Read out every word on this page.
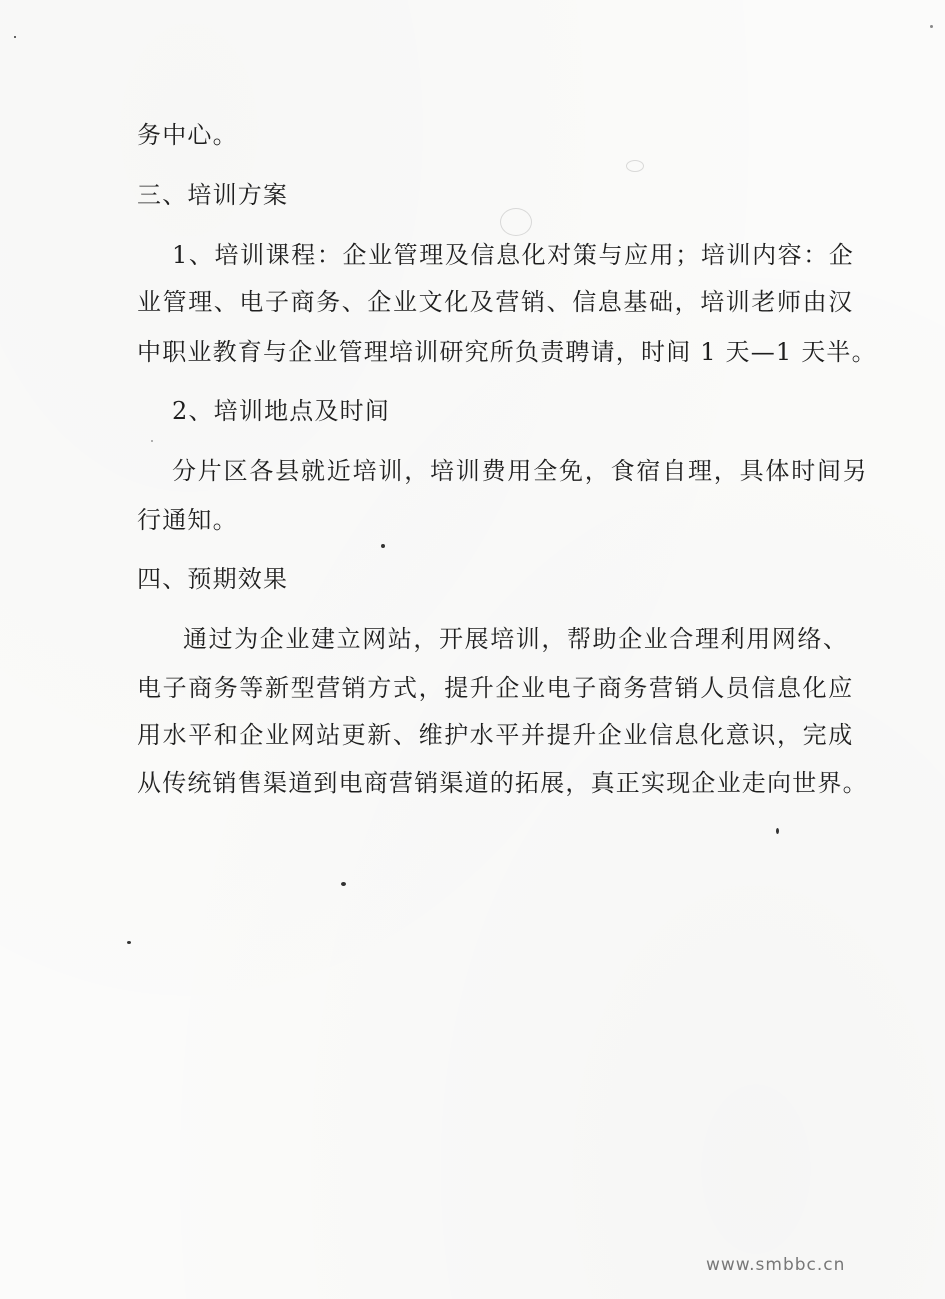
务中心。
三、培训方案
1、培训课程：企业管理及信息化对策与应用；培训内容：企
业管理、电子商务、企业文化及营销、信息基础，培训老师由汉
中职业教育与企业管理培训研究所负责聘请，时间 1 天—1 天半。
2、培训地点及时间
分片区各县就近培训，培训费用全免，食宿自理，具体时间另
行通知。
四、预期效果
通过为企业建立网站，开展培训，帮助企业合理利用网络、
电子商务等新型营销方式，提升企业电子商务营销人员信息化应
用水平和企业网站更新、维护水平并提升企业信息化意识，完成
从传统销售渠道到电商营销渠道的拓展，真正实现企业走向世界。
www.smbbc.cn
